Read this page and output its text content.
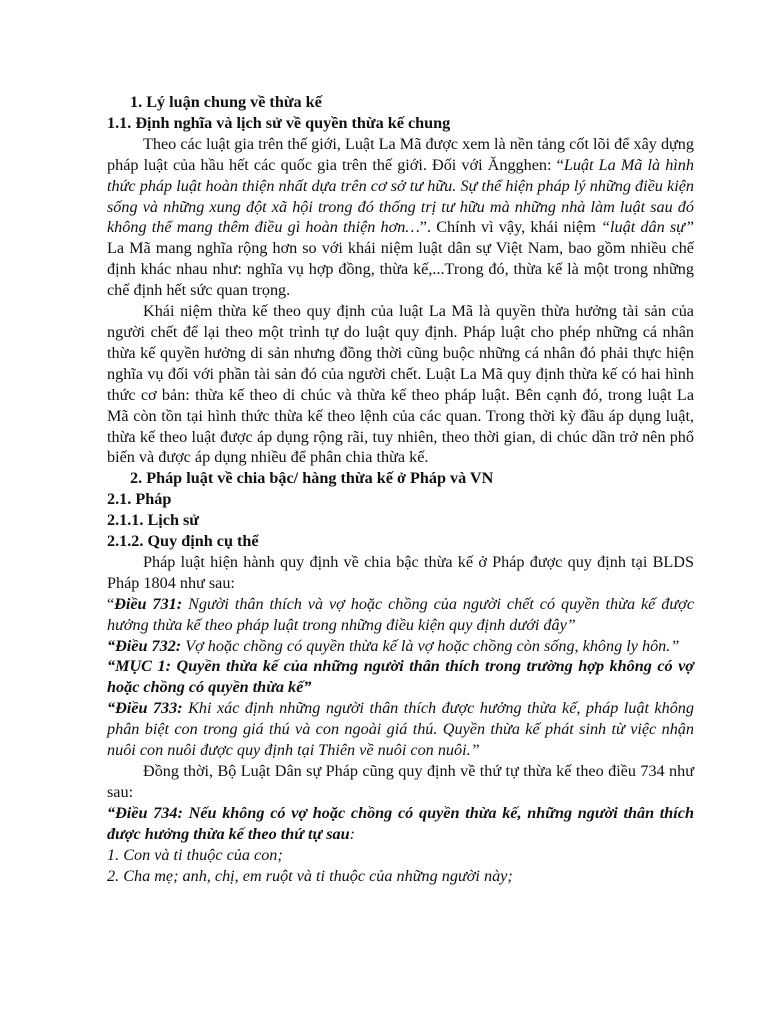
1. Lý luận chung về thừa kế

1.1. Định nghĩa và lịch sử về quyền thừa kế chung

Theo các luật gia trên thế giới, Luật La Mã được xem là nền tảng cốt lõi để xây dựng pháp luật của hầu hết các quốc gia trên thế giới. Đối với Ăngghen: “Luật La Mã là hình thức pháp luật hoàn thiện nhất dựa trên cơ sở tư hữu. Sự thể hiện pháp lý những điều kiện sống và những xung đột xã hội trong đó thống trị tư hữu mà những nhà làm luật sau đó không thể mang thêm điều gì hoàn thiện hơn…”. Chính vì vậy, khái niệm “luật dân sự” La Mã mang nghĩa rộng hơn so với khái niệm luật dân sự Việt Nam, bao gồm nhiều chế định khác nhau như: nghĩa vụ hợp đồng, thừa kế,...Trong đó, thừa kế là một trong những chế định hết sức quan trọng.

Khái niệm thừa kế theo quy định của luật La Mã là quyền thừa hưởng tài sản của người chết để lại theo một trình tự do luật quy định. Pháp luật cho phép những cá nhân thừa kế quyền hưởng di sản nhưng đồng thời cũng buộc những cá nhân đó phải thực hiện nghĩa vụ đối với phần tài sản đó của người chết. Luật La Mã quy định thừa kế có hai hình thức cơ bản: thừa kế theo di chúc và thừa kế theo pháp luật. Bên cạnh đó, trong luật La Mã còn tồn tại hình thức thừa kế theo lệnh của các quan. Trong thời kỳ đầu áp dụng luật, thừa kế theo luật được áp dụng rộng rãi, tuy nhiên, theo thời gian, di chúc dần trở nên phổ biến và được áp dụng nhiều để phân chia thừa kế.

2. Pháp luật về chia bậc/ hàng thừa kế ở Pháp và VN

2.1. Pháp

2.1.1. Lịch sử

2.1.2. Quy định cụ thể

Pháp luật hiện hành quy định về chia bậc thừa kế ở Pháp được quy định tại BLDS Pháp 1804 như sau:

“Điều 731: Người thân thích và vợ hoặc chồng của người chết có quyền thừa kế được hưởng thừa kế theo pháp luật trong những điều kiện quy định dưới đây”

“Điều 732: Vợ hoặc chồng có quyền thừa kế là vợ hoặc chồng còn sống, không ly hôn.”

“MỤC 1: Quyền thừa kế của những người thân thích trong trường hợp không có vợ hoặc chồng có quyền thừa kế”

“Điều 733: Khi xác định những người thân thích được hưởng thừa kế, pháp luật không phân biệt con trong giá thú và con ngoài giá thú. Quyền thừa kế phát sinh từ việc nhận nuôi con nuôi được quy định tại Thiên về nuôi con nuôi.”

Đồng thời, Bộ Luật Dân sự Pháp cũng quy định về thứ tự thừa kế theo điều 734 như sau:

“Điều 734: Nếu không có vợ hoặc chồng có quyền thừa kế, những người thân thích được hưởng thừa kế theo thứ tự sau:

1. Con và ti thuộc của con;

2. Cha mẹ; anh, chị, em ruột và ti thuộc của những người này;
